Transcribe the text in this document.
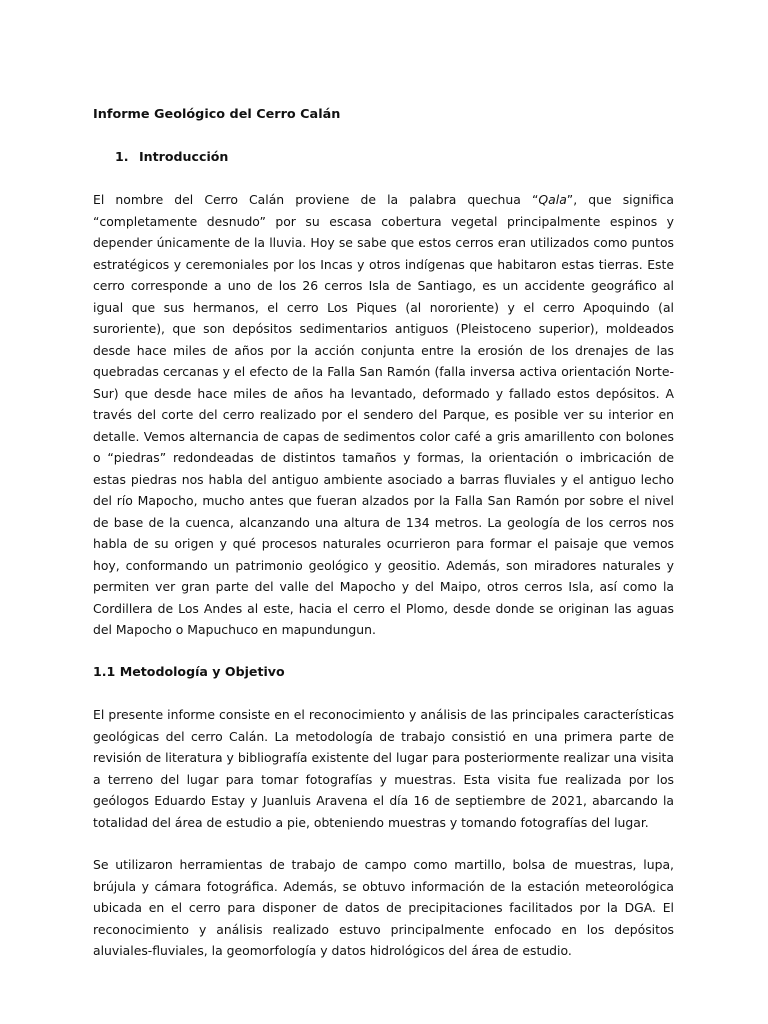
Informe Geológico del Cerro Calán
1. Introducción

El nombre del Cerro Calán proviene de la palabra quechua “Qala”, que significa “completamente desnudo” por su escasa cobertura vegetal principalmente espinos y depender únicamente de la lluvia. Hoy se sabe que estos cerros eran utilizados como puntos estratégicos y ceremoniales por los Incas y otros indígenas que habitaron estas tierras. Este cerro corresponde a uno de los 26 cerros Isla de Santiago, es un accidente geográfico al igual que sus hermanos, el cerro Los Piques (al nororiente) y el cerro Apoquindo (al suroriente), que son depósitos sedimentarios antiguos (Pleistoceno superior), moldeados desde hace miles de años por la acción conjunta entre la erosión de los drenajes de las quebradas cercanas y el efecto de la Falla San Ramón (falla inversa activa orientación Norte-Sur) que desde hace miles de años ha levantado, deformado y fallado estos depósitos. A través del corte del cerro realizado por el sendero del Parque, es posible ver su interior en detalle. Vemos alternancia de capas de sedimentos color café a gris amarillento con bolones o “piedras” redondeadas de distintos tamaños y formas, la orientación o imbricación de estas piedras nos habla del antiguo ambiente asociado a barras fluviales y el antiguo lecho del río Mapocho, mucho antes que fueran alzados por la Falla San Ramón por sobre el nivel de base de la cuenca, alcanzando una altura de 134 metros. La geología de los cerros nos habla de su origen y qué procesos naturales ocurrieron para formar el paisaje que vemos hoy, conformando un patrimonio geológico y geositio. Además, son miradores naturales y permiten ver gran parte del valle del Mapocho y del Maipo, otros cerros Isla, así como la Cordillera de Los Andes al este, hacia el cerro el Plomo, desde donde se originan las aguas del Mapocho o Mapuchuco en mapundungun.

1.1 Metodología y Objetivo

El presente informe consiste en el reconocimiento y análisis de las principales características geológicas del cerro Calán. La metodología de trabajo consistió en una primera parte de revisión de literatura y bibliografía existente del lugar para posteriormente realizar una visita a terreno del lugar para tomar fotografías y muestras. Esta visita fue realizada por los geólogos Eduardo Estay y Juanluis Aravena el día 16 de septiembre de 2021, abarcando la totalidad del área de estudio a pie, obteniendo muestras y tomando fotografías del lugar.

Se utilizaron herramientas de trabajo de campo como martillo, bolsa de muestras, lupa, brújula y cámara fotográfica. Además, se obtuvo información de la estación meteorológica ubicada en el cerro para disponer de datos de precipitaciones facilitados por la DGA. El reconocimiento y análisis realizado estuvo principalmente enfocado en los depósitos aluviales-fluviales, la geomorfología y datos hidrológicos del área de estudio.
